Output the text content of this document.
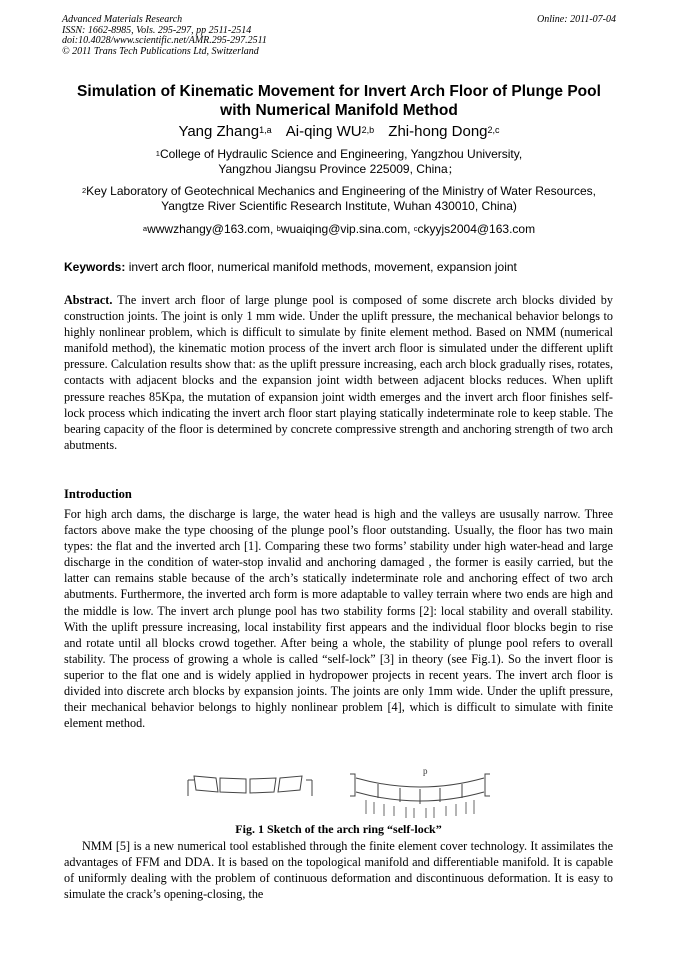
Advanced Materials Research
ISSN: 1662-8985, Vols. 295-297, pp 2511-2514
doi:10.4028/www.scientific.net/AMR.295-297.2511
© 2011 Trans Tech Publications Ltd, Switzerland
Online: 2011-07-04
Simulation of Kinematic Movement for Invert Arch Floor of Plunge Pool
with Numerical Manifold Method
Yang Zhang$^{1,a}$ Ai-qing WU$^{2,b}$ Zhi-hong Dong$^{2,c}$
$^1$College of Hydraulic Science and Engineering, Yangzhou University,
Yangzhou Jiangsu Province 225009, China；
$^2$Key Laboratory of Geotechnical Mechanics and Engineering of the Ministry of Water Resources,
Yangtze River Scientific Research Institute, Wuhan 430010, China)
$^a$wwwzhangy@163.com, $^b$wuaiqing@vip.sina.com, $^c$ckyyjs2004@163.com
Keywords: invert arch floor, numerical manifold methods, movement, expansion joint
Abstract. The invert arch floor of large plunge pool is composed of some discrete arch blocks divided by construction joints. The joint is only 1 mm wide. Under the uplift pressure, the mechanical behavior belongs to highly nonlinear problem, which is difficult to simulate by finite element method. Based on NMM (numerical manifold method), the kinematic motion process of the invert arch floor is simulated under the different uplift pressure. Calculation results show that: as the uplift pressure increasing, each arch block gradually rises, rotates, contacts with adjacent blocks and the expansion joint width between adjacent blocks reduces. When uplift pressure reaches 85Kpa, the mutation of expansion joint width emerges and the invert arch floor finishes self-lock process which indicating the invert arch floor start playing statically indeterminate role to keep stable. The bearing capacity of the floor is determined by concrete compressive strength and anchoring strength of two arch abutments.
Introduction
For high arch dams, the discharge is large, the water head is high and the valleys are ususally narrow. Three factors above make the type choosing of the plunge pool’s floor outstanding. Usually, the floor has two main types: the flat and the inverted arch [1]. Comparing these two forms’ stability under high water-head and large discharge in the condition of water-stop invalid and anchoring damaged , the former is easily carried, but the latter can remains stable because of the arch’s statically indeterminate role and anchoring effect of two arch abutments. Furthermore, the inverted arch form is more adaptable to valley terrain where two ends are high and the middle is low. The invert arch plunge pool has two stability forms [2]: local stability and overall stability. With the uplift pressure increasing, local instability first appears and the individual floor blocks begin to rise and rotate until all blocks crowd together. After being a whole, the stability of plunge pool refers to overall stability. The process of growing a whole is called “self-lock” [3] in theory (see Fig.1). So the invert floor is superior to the flat one and is widely applied in hydropower projects in recent years. The invert arch floor is divided into discrete arch blocks by expansion joints. The joints are only 1mm wide. Under the uplift pressure, their mechanical behavior belongs to highly nonlinear problem [4], which is difficult to simulate with finite element method.
p
Fig. 1 Sketch of the arch ring “self-lock”
NMM [5] is a new numerical tool established through the finite element cover technology. It assimilates the advantages of FFM and DDA. It is based on the topological manifold and differentiable manifold. It is capable of uniformly dealing with the problem of continuous deformation and discontinuous deformation. It is easy to simulate the crack’s opening-closing, the
